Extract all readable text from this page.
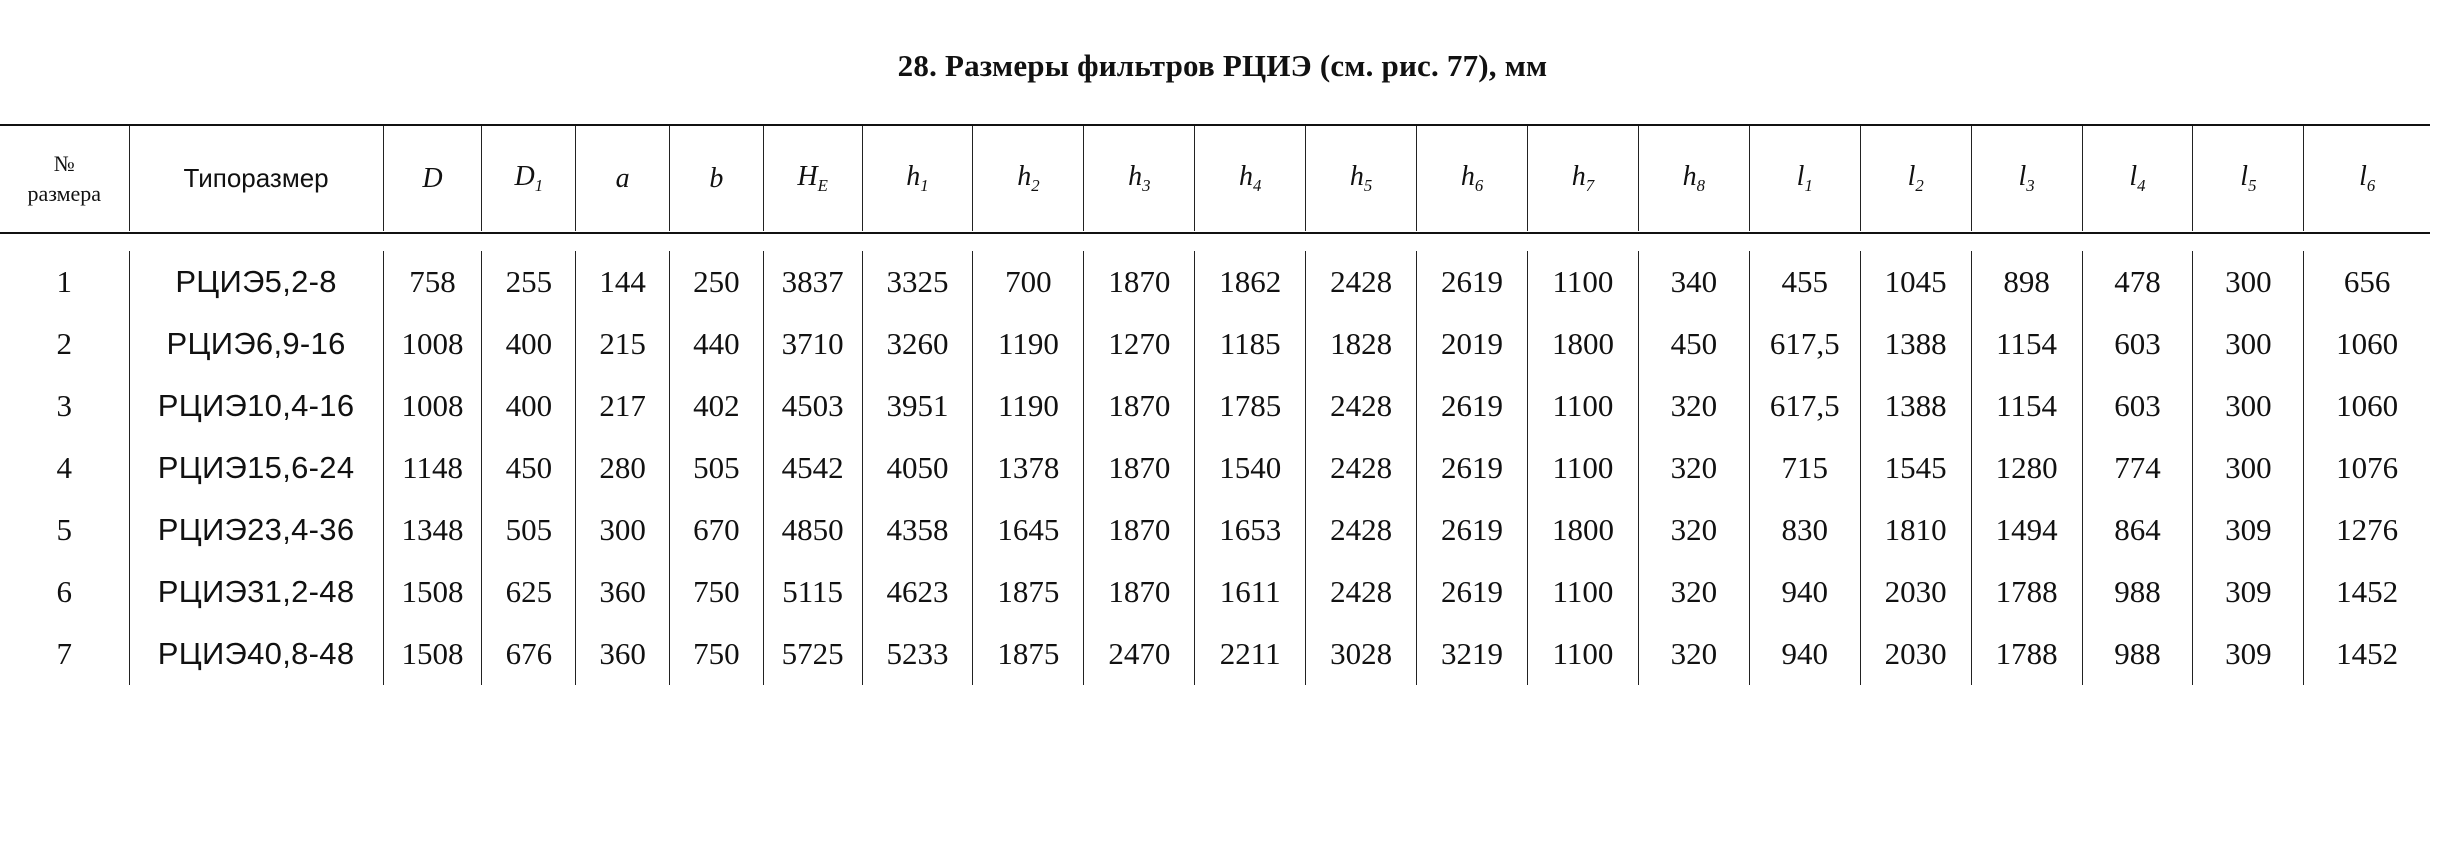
28. Размеры фильтров РЦИЭ (см. рис. 77), мм
№
размера	Типоразмер	D	$D_1$	a	b	$H_Е$	$h_1$	$h_2$	$h_3$	$h_4$	$h_5$	$h_6$	$h_7$	$h_8$	$l_1$	$l_2$	$l_3$	$l_4$	$l_5$	$l_6$

1	РЦИЭ5,2-8	758	255	144	250	3837	3325	700	1870	1862	2428	2619	1100	340	455	1045	898	478	300	656
2	РЦИЭ6,9-16	1008	400	215	440	3710	3260	1190	1270	1185	1828	2019	1800	450	617,5	1388	1154	603	300	1060
3	РЦИЭ10,4-16	1008	400	217	402	4503	3951	1190	1870	1785	2428	2619	1100	320	617,5	1388	1154	603	300	1060
4	РЦИЭ15,6-24	1148	450	280	505	4542	4050	1378	1870	1540	2428	2619	1100	320	715	1545	1280	774	300	1076
5	РЦИЭ23,4-36	1348	505	300	670	4850	4358	1645	1870	1653	2428	2619	1800	320	830	1810	1494	864	309	1276
6	РЦИЭ31,2-48	1508	625	360	750	5115	4623	1875	1870	1611	2428	2619	1100	320	940	2030	1788	988	309	1452
7	РЦИЭ40,8-48	1508	676	360	750	5725	5233	1875	2470	2211	3028	3219	1100	320	940	2030	1788	988	309	1452
